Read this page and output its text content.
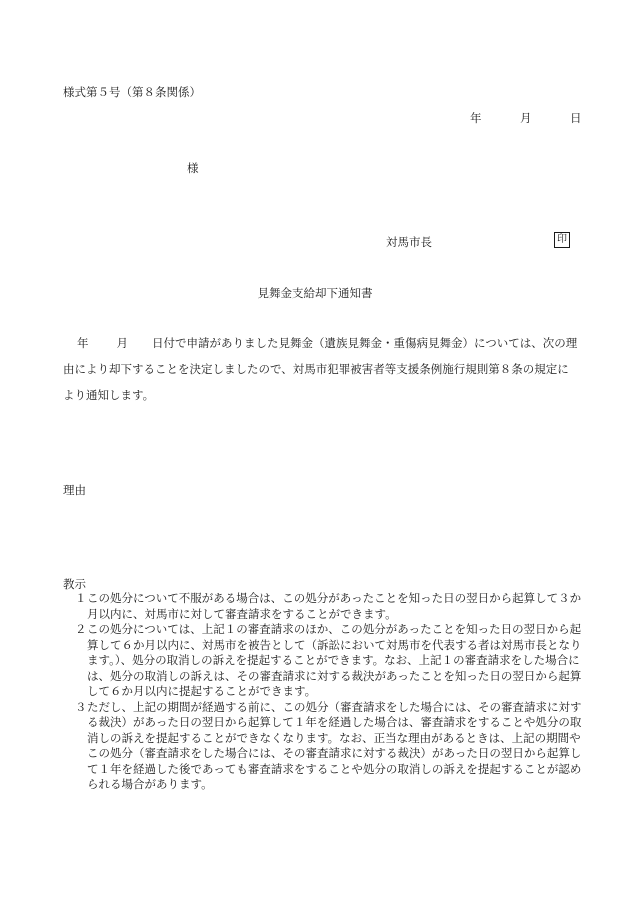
様式第５号（第８条関係）
年	月	日
様
対馬市長	印
見舞金支給却下通知書
年 月 日付で申請がありました見舞金（遺族見舞金・重傷病見舞金）については、次の理由により却下することを決定しましたので、対馬市犯罪被害者等支援条例施行規則第８条の規定により通知します。
理由
教示
１ この処分について不服がある場合は、この処分があったことを知った日の翌日から起算して３か月以内に、対馬市に対して審査請求をすることができます。
２ この処分については、上記１の審査請求のほか、この処分があったことを知った日の翌日から起算して６か月以内に、対馬市を被告として（訴訟において対馬市を代表する者は対馬市長となります。）、処分の取消しの訴えを提起することができます。なお、上記１の審査請求をした場合には、処分の取消しの訴えは、その審査請求に対する裁決があったことを知った日の翌日から起算して６か月以内に提起することができます。
３ ただし、上記の期間が経過する前に、この処分（審査請求をした場合には、その審査請求に対する裁決）があった日の翌日から起算して１年を経過した場合は、審査請求をすることや処分の取消しの訴えを提起することができなくなります。なお、正当な理由があるときは、上記の期間やこの処分（審査請求をした場合には、その審査請求に対する裁決）があった日の翌日から起算して１年を経過した後であっても審査請求をすることや処分の取消しの訴えを提起することが認められる場合があります。
